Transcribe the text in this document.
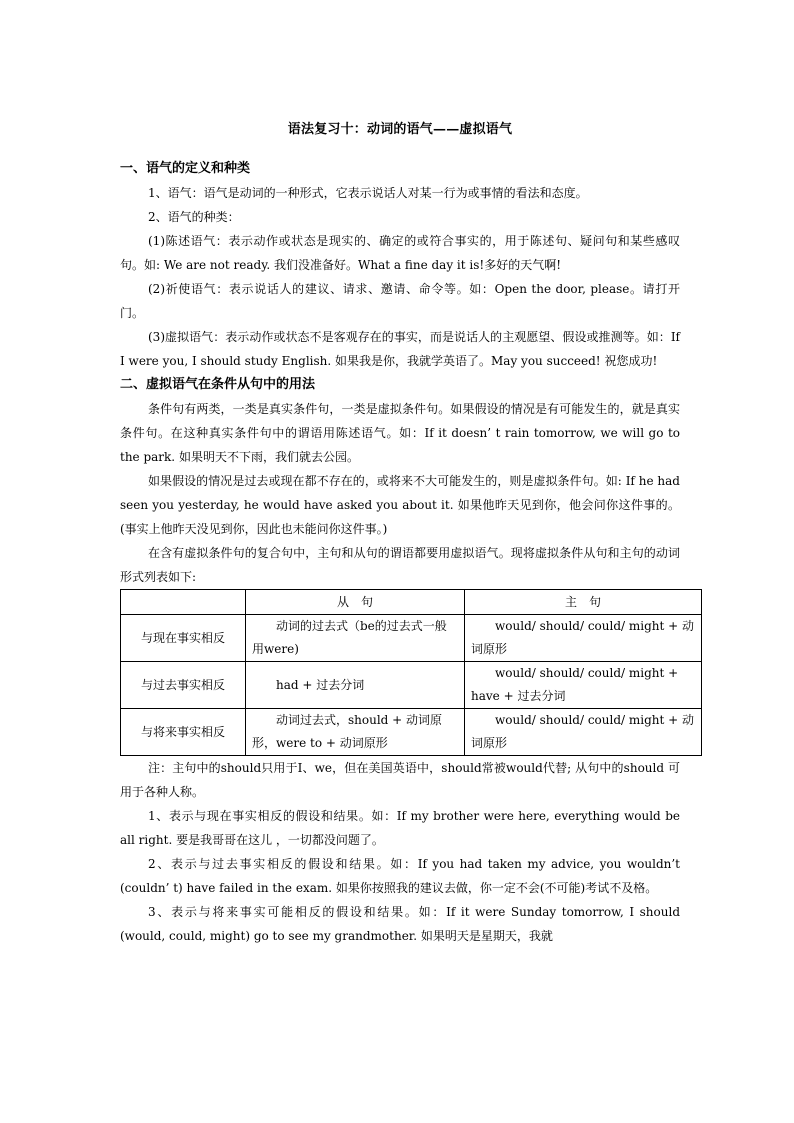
语法复习十：动词的语气——虚拟语气
一、语气的定义和种类

1、语气：语气是动词的一种形式，它表示说话人对某一行为或事情的看法和态度。

2、语气的种类：

(1)陈述语气：表示动作或状态是现实的、确定的或符合事实的，用于陈述句、疑问句和某些感叹句。如: We are not ready. 我们没准备好。What a fine day it is!多好的天气啊!

(2)祈使语气：表示说话人的建议、请求、邀请、命令等。如：Open the door, please。请打开门。

(3)虚拟语气：表示动作或状态不是客观存在的事实，而是说话人的主观愿望、假设或推测等。如：If I were you, I should study English. 如果我是你，我就学英语了。May you succeed! 祝您成功!

二、虚拟语气在条件从句中的用法

条件句有两类，一类是真实条件句，一类是虚拟条件句。如果假设的情况是有可能发生的，就是真实条件句。在这种真实条件句中的谓语用陈述语气。如：If it doesn’ t rain tomorrow, we will go to the park. 如果明天不下雨，我们就去公园。

如果假设的情况是过去或现在都不存在的，或将来不大可能发生的，则是虚拟条件句。如: If he had seen you yesterday, he would have asked you about it. 如果他昨天见到你，他会问你这件事的。(事实上他昨天没见到你，因此也未能问你这件事。)

在含有虚拟条件句的复合句中，主句和从句的谓语都要用虚拟语气。现将虚拟条件从句和主句的动词形式列表如下:

	从　句	主　句
与现在事实相反	动词的过去式（be的过去式一般用were)	would/ should/ could/ might + 动词原形
与过去事实相反	had + 过去分词	would/ should/ could/ might + have + 过去分词
与将来事实相反	动词过去式，should + 动词原形，were to + 动词原形	would/ should/ could/ might + 动词原形

注：主句中的should只用于I、we，但在美国英语中，should常被would代替; 从句中的should 可用于各种人称。

1、表示与现在事实相反的假设和结果。如：If my brother were here, everything would be all right. 要是我哥哥在这儿 ，一切都没问题了。

2、表示与过去事实相反的假设和结果。如：If you had taken my advice, you wouldn’t (couldn’ t) have failed in the exam. 如果你按照我的建议去做，你一定不会(不可能)考试不及格。

3、表示与将来事实可能相反的假设和结果。如：If it were Sunday tomorrow, I should (would, could, might) go to see my grandmother. 如果明天是星期天，我就
